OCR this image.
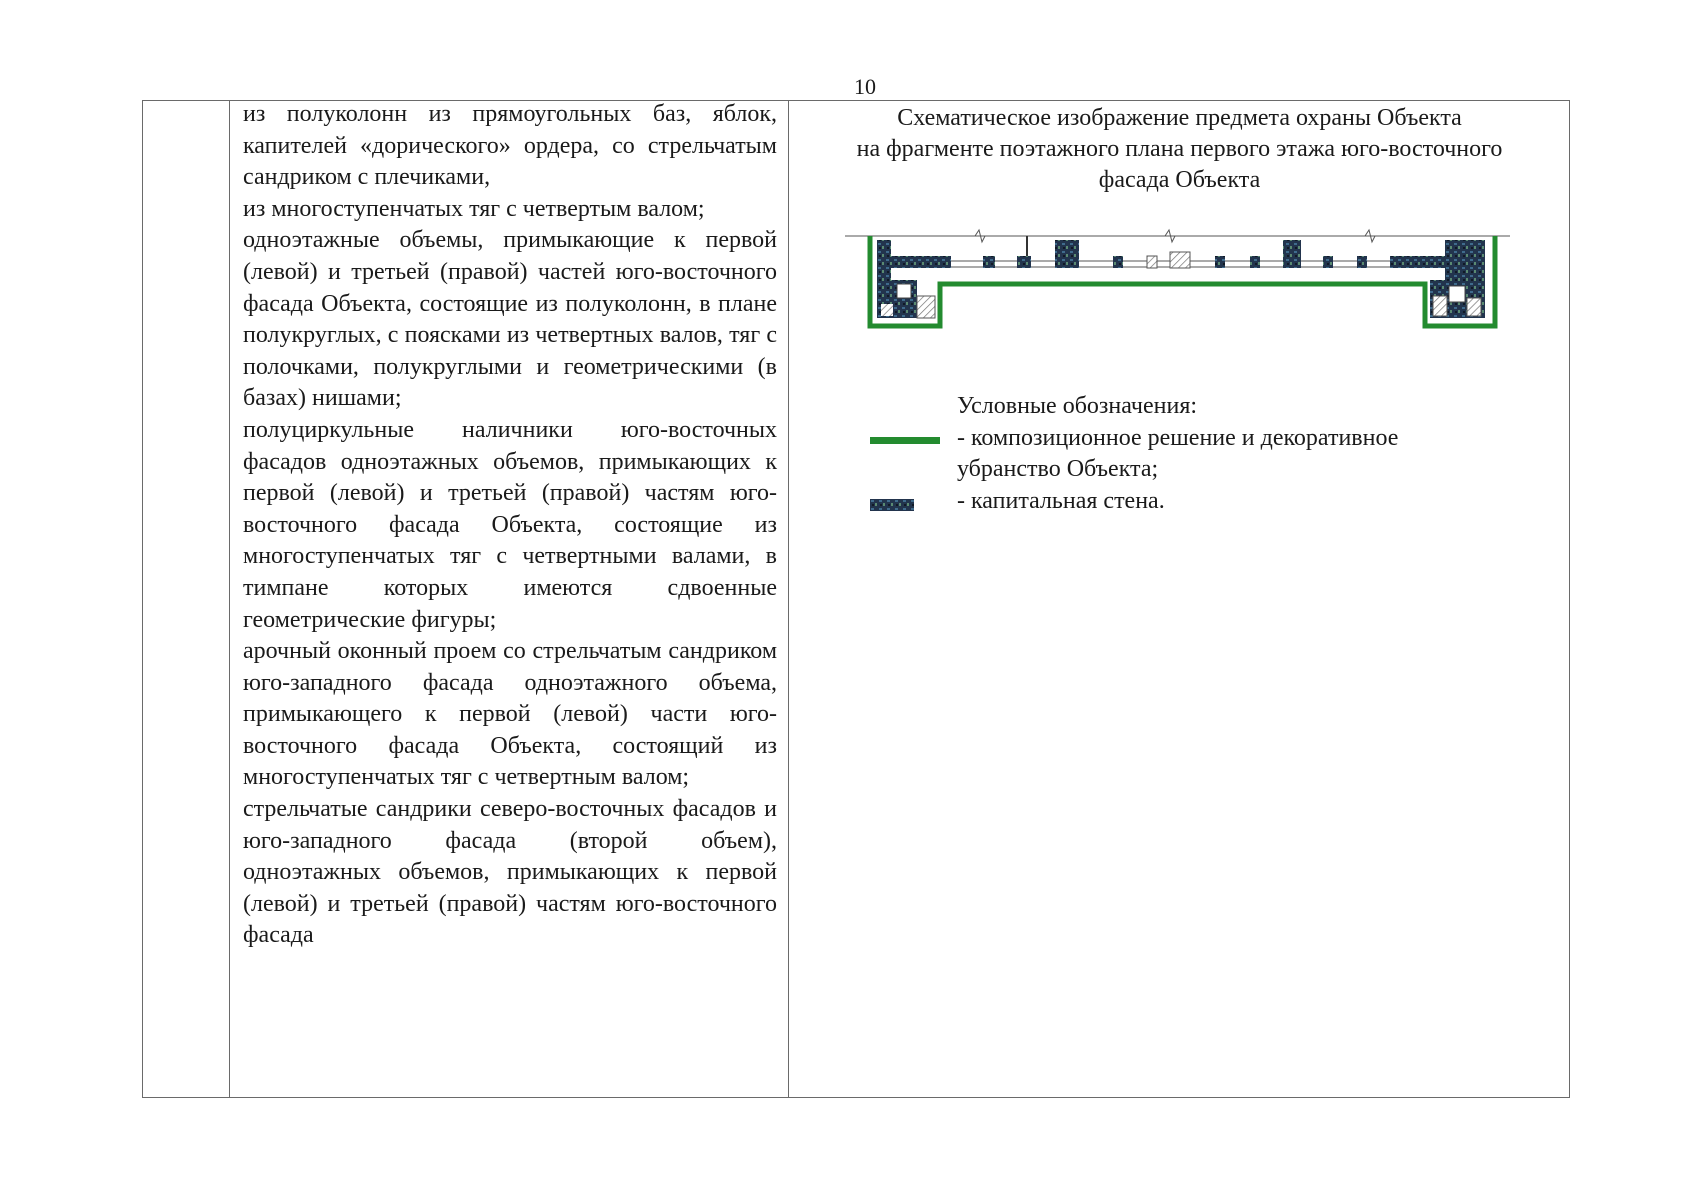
10

из полуколонн из прямоугольных баз, яблок, капителей «дорического» ордера, со стрельчатым сандриком с плечиками,

из многоступенчатых тяг с четвертым валом;

одноэтажные объемы, примыкающие к первой (левой) и третьей (правой) частей юго-восточного фасада Объекта, состоящие из полуколонн, в плане полукруглых, с поясками из четвертных валов, тяг с полочками, полукруглыми и геометрическими (в базах) нишами;

полуциркульные наличники юго-восточных фасадов одноэтажных объемов, примыкающих к первой (левой) и третьей (правой) частям юго-восточного фасада Объекта, состоящие из многоступенчатых тяг с четвертными валами, в тимпане которых имеются сдвоенные геометрические фигуры;

арочный оконный проем со стрельчатым сандриком юго-западного фасада одноэтажного объема, примыкающего к первой (левой) части юго-восточного фасада Объекта, состоящий из многоступенчатых тяг с четвертным валом;

стрельчатые сандрики северо-восточных фасадов и юго-западного фасада (второй объем), одноэтажных объемов, примыкающих к первой (левой) и третьей (правой) частям юго-восточного фасада

Схематическое изображение предмета охраны Объекта
на фрагменте поэтажного плана первого этажа юго-восточного
фасада Объекта
Условные обозначения:
- композиционное решение и декоративное
убранство Объекта;
- капитальная стена.
